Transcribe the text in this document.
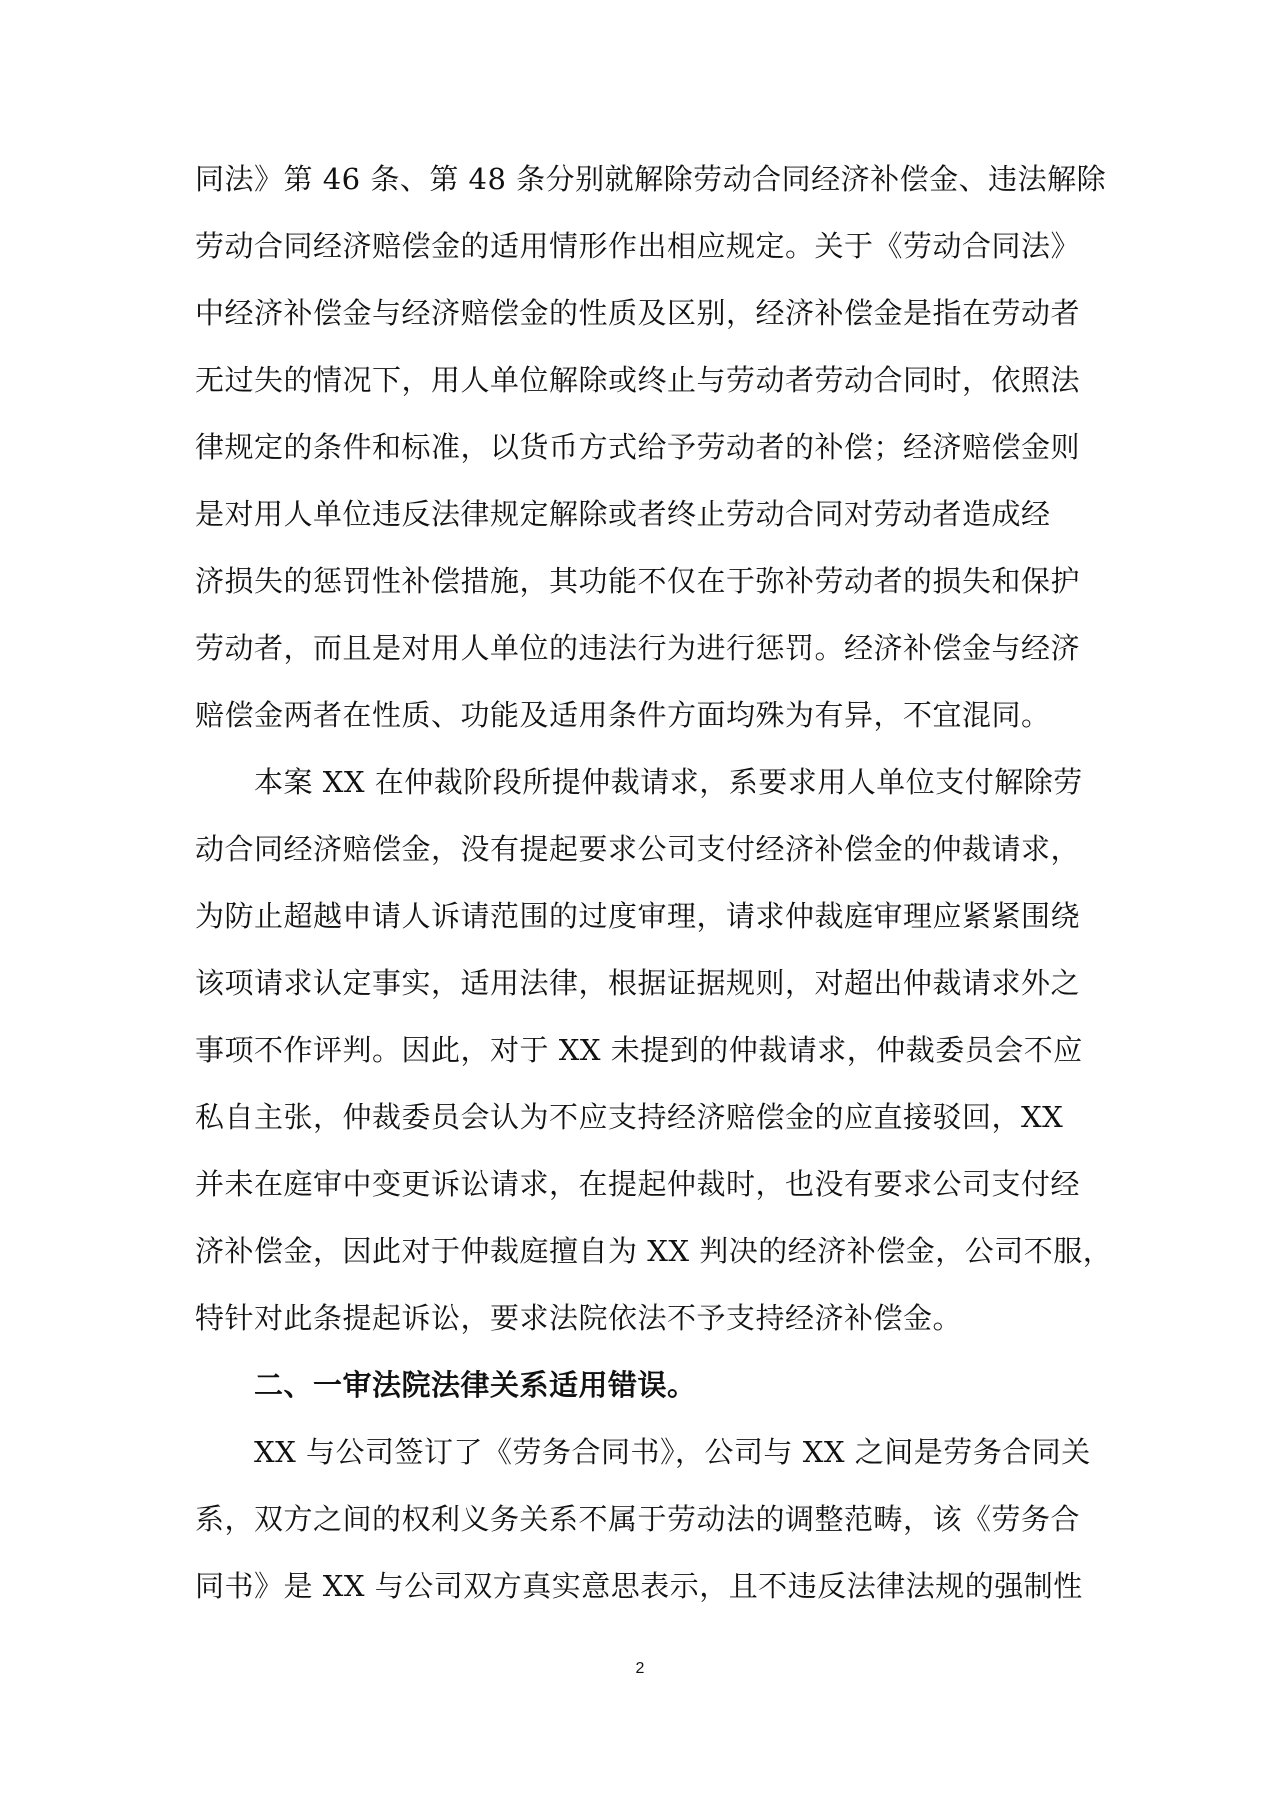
同法》第 46 条、第 48 条分别就解除劳动合同经济补偿金、违法解除
劳动合同经济赔偿金的适用情形作出相应规定。关于《劳动合同法》
中经济补偿金与经济赔偿金的性质及区别，经济补偿金是指在劳动者
无过失的情况下，用人单位解除或终止与劳动者劳动合同时，依照法
律规定的条件和标准，以货币方式给予劳动者的补偿；经济赔偿金则
是对用人单位违反法律规定解除或者终止劳动合同对劳动者造成经
济损失的惩罚性补偿措施，其功能不仅在于弥补劳动者的损失和保护
劳动者，而且是对用人单位的违法行为进行惩罚。经济补偿金与经济
赔偿金两者在性质、功能及适用条件方面均殊为有异，不宜混同。
　　本案 XX 在仲裁阶段所提仲裁请求，系要求用人单位支付解除劳
动合同经济赔偿金，没有提起要求公司支付经济补偿金的仲裁请求，
为防止超越申请人诉请范围的过度审理，请求仲裁庭审理应紧紧围绕
该项请求认定事实，适用法律，根据证据规则，对超出仲裁请求外之
事项不作评判。因此，对于 XX 未提到的仲裁请求，仲裁委员会不应
私自主张，仲裁委员会认为不应支持经济赔偿金的应直接驳回，XX
并未在庭审中变更诉讼请求，在提起仲裁时，也没有要求公司支付经
济补偿金，因此对于仲裁庭擅自为 XX 判决的经济补偿金，公司不服，
特针对此条提起诉讼，要求法院依法不予支持经济补偿金。
　　二、一审法院法律关系适用错误。
　　XX 与公司签订了《劳务合同书》，公司与 XX 之间是劳务合同关
系，双方之间的权利义务关系不属于劳动法的调整范畴，该《劳务合
同书》是 XX 与公司双方真实意思表示，且不违反法律法规的强制性
2
